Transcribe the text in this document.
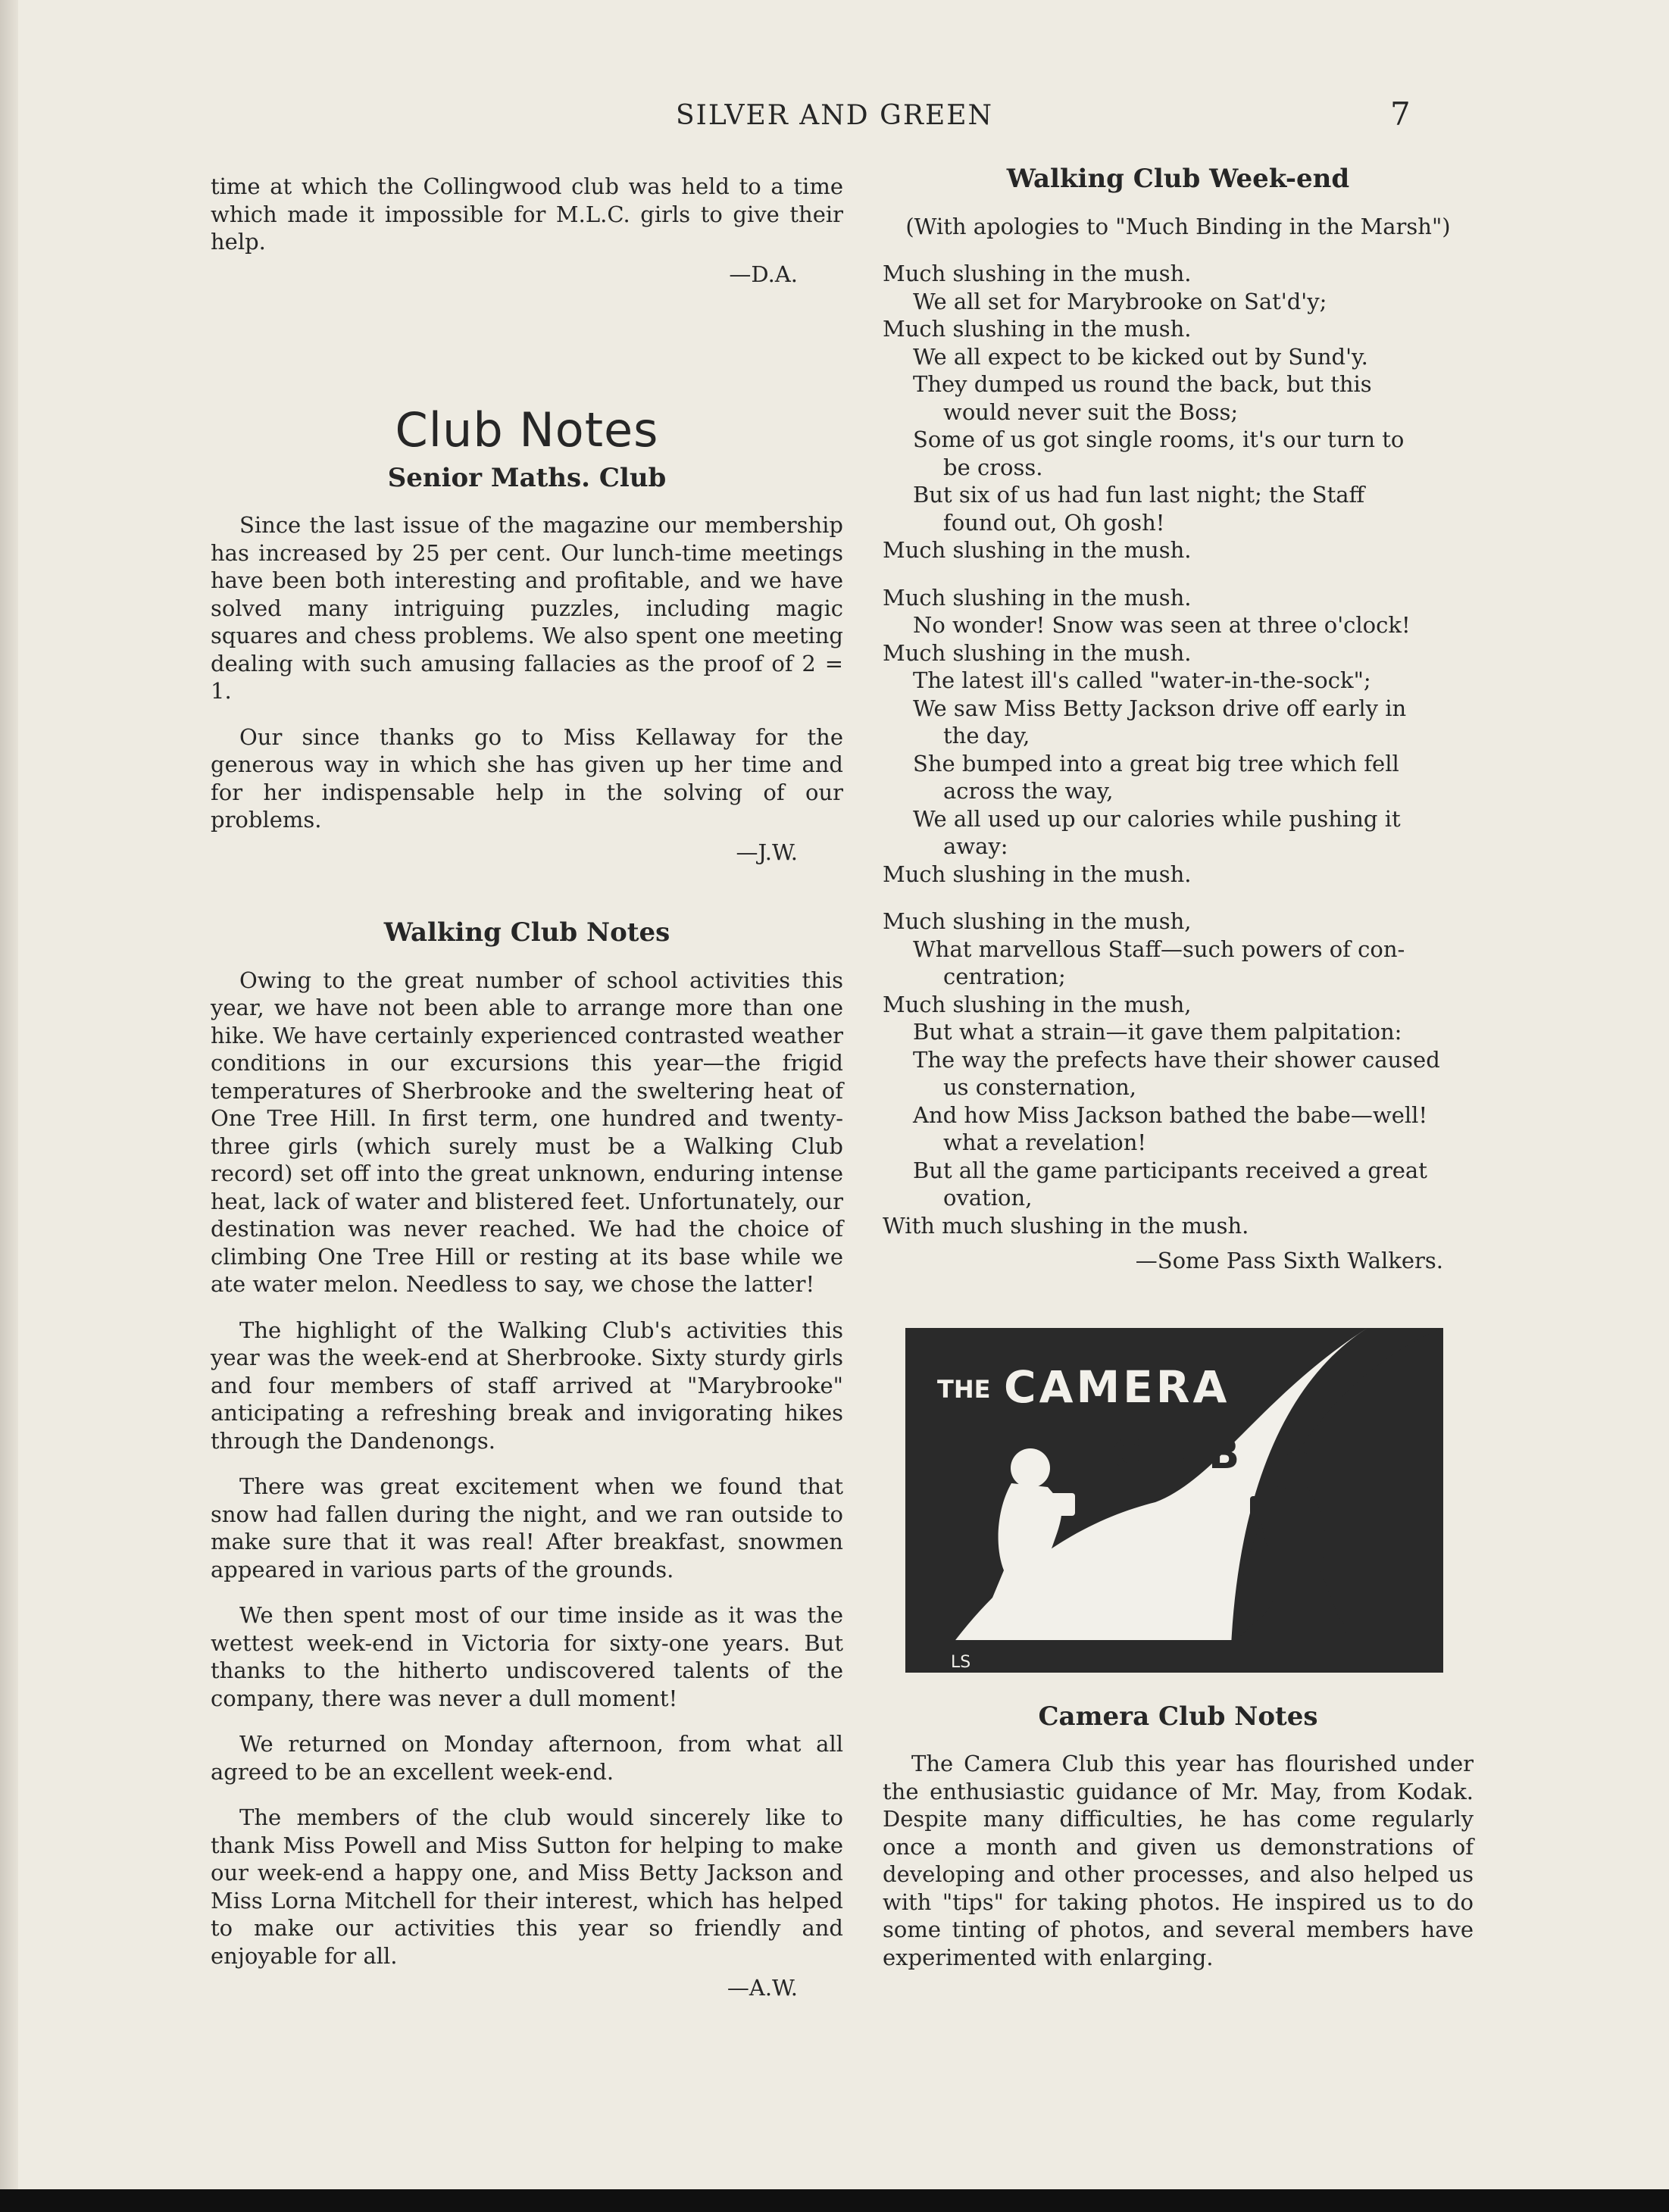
SILVER AND GREEN	7

time at which the Collingwood club was held to a time which made it impossible for M.L.C. girls to give their help.

—D.A.

Club Notes
Senior Maths. Club

Since the last issue of the magazine our membership has increased by 25 per cent. Our lunch-time meetings have been both interesting and profitable, and we have solved many intriguing puzzles, including magic squares and chess problems. We also spent one meeting dealing with such amusing fallacies as the proof of 2 = 1.

Our since thanks go to Miss Kellaway for the generous way in which she has given up her time and for her indispensable help in the solving of our problems.

—J.W.

Walking Club Notes

Owing to the great number of school activities this year, we have not been able to arrange more than one hike. We have certainly experienced contrasted weather conditions in our excursions this year—the frigid temperatures of Sherbrooke and the sweltering heat of One Tree Hill. In first term, one hundred and twenty-three girls (which surely must be a Walking Club record) set off into the great unknown, enduring intense heat, lack of water and blistered feet. Unfortunately, our destination was never reached. We had the choice of climbing One Tree Hill or resting at its base while we ate water melon. Needless to say, we chose the latter!

The highlight of the Walking Club's activities this year was the week-end at Sherbrooke. Sixty sturdy girls and four members of staff arrived at "Marybrooke" anticipating a refreshing break and invigorating hikes through the Dandenongs.

There was great excitement when we found that snow had fallen during the night, and we ran outside to make sure that it was real! After breakfast, snowmen appeared in various parts of the grounds.

We then spent most of our time inside as it was the wettest week-end in Victoria for sixty-one years. But thanks to the hitherto undiscovered talents of the company, there was never a dull moment!

We returned on Monday afternoon, from what all agreed to be an excellent week-end.

The members of the club would sincerely like to thank Miss Powell and Miss Sutton for helping to make our week-end a happy one, and Miss Betty Jackson and Miss Lorna Mitchell for their interest, which has helped to make our activities this year so friendly and enjoyable for all.

—A.W.

Walking Club Week-end

(With apologies to "Much Binding in the Marsh")

Much slushing in the mush.
We all set for Marybrooke on Sat'd'y;
Much slushing in the mush.
We all expect to be kicked out by Sund'y.
They dumped us round the back, but this
would never suit the Boss;
Some of us got single rooms, it's our turn to
be cross.
But six of us had fun last night; the Staff
found out, Oh gosh!
Much slushing in the mush.
Much slushing in the mush.
No wonder! Snow was seen at three o'clock!
Much slushing in the mush.
The latest ill's called "water-in-the-sock";
We saw Miss Betty Jackson drive off early in
the day,
She bumped into a great big tree which fell
across the way,
We all used up our calories while pushing it
away:
Much slushing in the mush.
Much slushing in the mush,
What marvellous Staff—such powers of con-
centration;
Much slushing in the mush,
But what a strain—it gave them palpitation:
The way the prefects have their shower caused
us consternation,
And how Miss Jackson bathed the babe—well!
what a revelation!
But all the game participants received a great
ovation,
With much slushing in the mush.

—Some Pass Sixth Walkers.

THE CAMERA
CLUB
LS
Camera Club Notes

The Camera Club this year has flourished under the enthusiastic guidance of Mr. May, from Kodak. Despite many difficulties, he has come regularly once a month and given us demonstrations of developing and other processes, and also helped us with "tips" for taking photos. He inspired us to do some tinting of photos, and several members have experimented with enlarging.
